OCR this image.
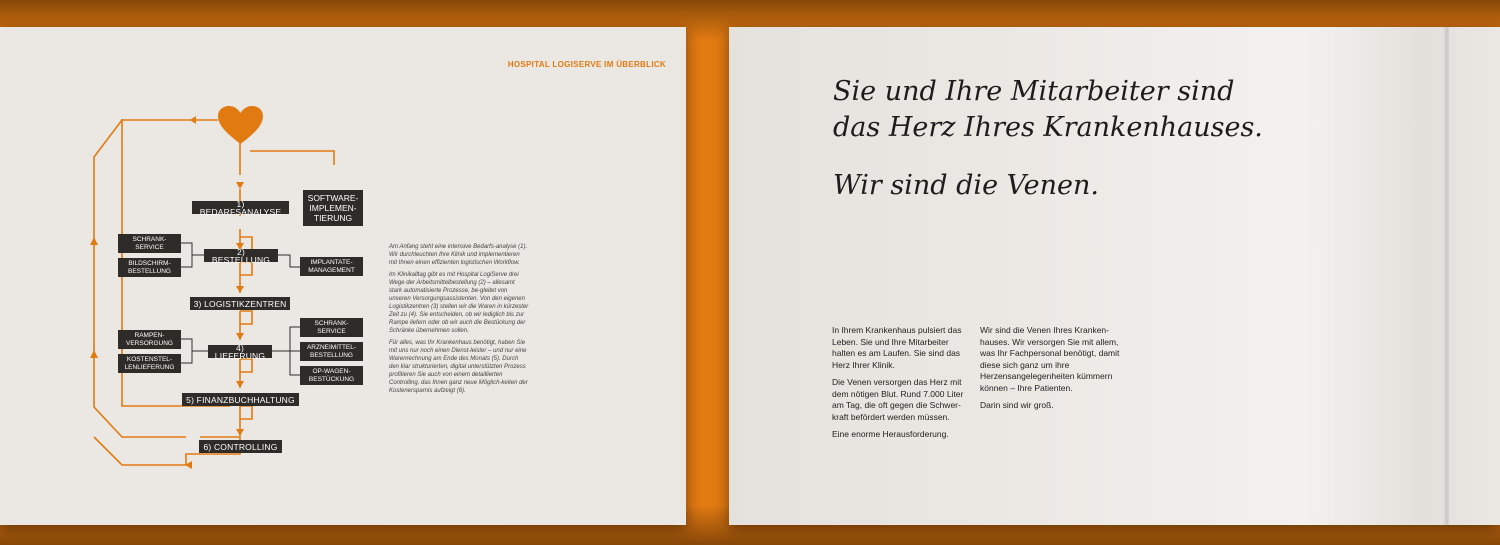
HOSPITAL LOGISERVE IM ÜBERBLICK
1) BEDARFSANALYSE
2) BESTELLUNG
3) LOGISTIKZENTREN
4) LIEFERUNG
5) FINANZBUCHHALTUNG
6) CONTROLLING
SOFTWARE-
IMPLEMEN-
TIERUNG
SCHRANK-
SERVICE
BILDSCHIRM-
BESTELLUNG
IMPLANTATE-
MANAGEMENT
RAMPEN-
VERSORGUNG
KOSTENSTEL-
LENLIEFERUNG
SCHRANK-
SERVICE
ARZNEIMITTEL-
BESTELLUNG
OP-WAGEN-
BESTÜCKUNG

Am Anfang steht eine intensive Bedarfs-analyse (1). Wir durchleuchten Ihre Klinik und implementieren mit Ihnen einen effizienten logistischen Workflow.

Im Klinikalltag gibt es mit Hospital LogiServe drei Wege der Arbeitsmittelbestellung (2) – allesamt stark automatisierte Prozesse, be-gleitet von unseren Versorgungsassistenten. Von den eigenen Logistikzentren (3) stellen wir die Waren in kürzester Zeit zu (4). Sie entscheiden, ob wir lediglich bis zur Rampe liefern oder ob wir auch die Bestückung der Schränke übernehmen sollen.

Für alles, was Ihr Krankenhaus benötigt, haben Sie mit uns nur noch einen Dienst-leister – und nur eine Warenrechnung am Ende des Monats (5). Durch den klar strukturierten, digital unterstützten Prozess profitieren Sie auch von einem detaillierten Controlling, das Ihnen ganz neue Möglich-keiten der Kostenersparnis aufzeigt (6).

Sie und Ihre Mitarbeiter sind

das Herz Ihres Krankenhauses.

Wir sind die Venen.

In Ihrem Krankenhaus pulsiert das Leben. Sie und Ihre Mitarbeiter halten es am Laufen. Sie sind das Herz Ihrer Klinik.

Die Venen versorgen das Herz mit dem nötigen Blut. Rund 7.000 Liter am Tag, die oft gegen die Schwer-kraft befördert werden müssen.

Eine enorme Herausforderung.

Wir sind die Venen Ihres Kranken-hauses. Wir versorgen Sie mit allem, was Ihr Fachpersonal benötigt, damit diese sich ganz um ihre Herzensangelegenheiten kümmern können – Ihre Patienten.

Darin sind wir groß.
